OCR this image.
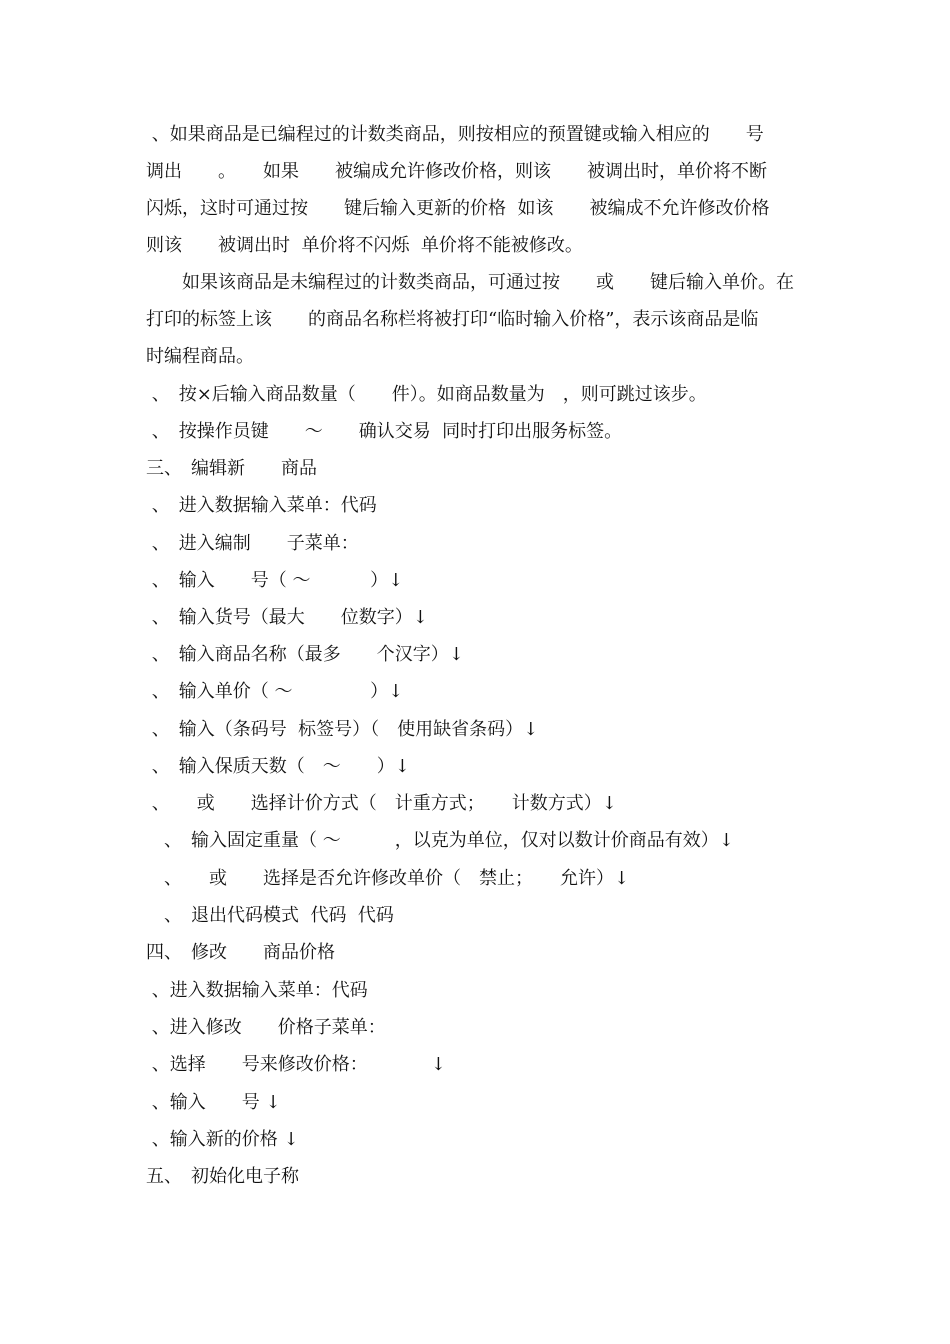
、如果商品是已编程过的计数类商品，则按相应的预置键或输入相应的　　号
调出　　。　　如果　　被编成允许修改价格，则该　　被调出时，单价将不断
闪烁，这时可通过按　　键后输入更新的价格  如该　　被编成不允许修改价格
则该　　被调出时  单价将不闪烁  单价将不能被修改。
　　如果该商品是未编程过的计数类商品，可通过按　　或　　键后输入单价。在
打印的标签上该　　的商品名称栏将被打印“临时输入价格”，表示该商品是临
时编程商品。
、　按×后输入商品数量（　　件）。如商品数量为　，则可跳过该步。
、　按操作员键　　～　　确认交易  同时打印出服务标签。
三、　编辑新　　商品
、　进入数据输入菜单：代码
、　进入编制　　子菜单：
、　输入　　号（ ～　　　 ）↓
、　输入货号（最大　　位数字）↓
、　输入商品名称（最多　　个汉字）↓
、　输入单价（ ～　　　　 ）↓
、　输入（条码号  标签号）（　使用缺省条码）↓
、　输入保质天数（　～　　）↓
、　　或　　选择计价方式（　计重方式；　　计数方式）↓
　、　输入固定重量（ ～　　　，以克为单位，仅对以数计价商品有效）↓
　、　　或　　选择是否允许修改单价（　禁止；　　允许）↓
　、　退出代码模式  代码  代码
四、　修改　　商品价格
、进入数据输入菜单：代码
、进入修改　　价格子菜单：
、选择　　号来修改价格：　　　　↓
、输入　　号 ↓
、输入新的价格 ↓
五、　初始化电子称
